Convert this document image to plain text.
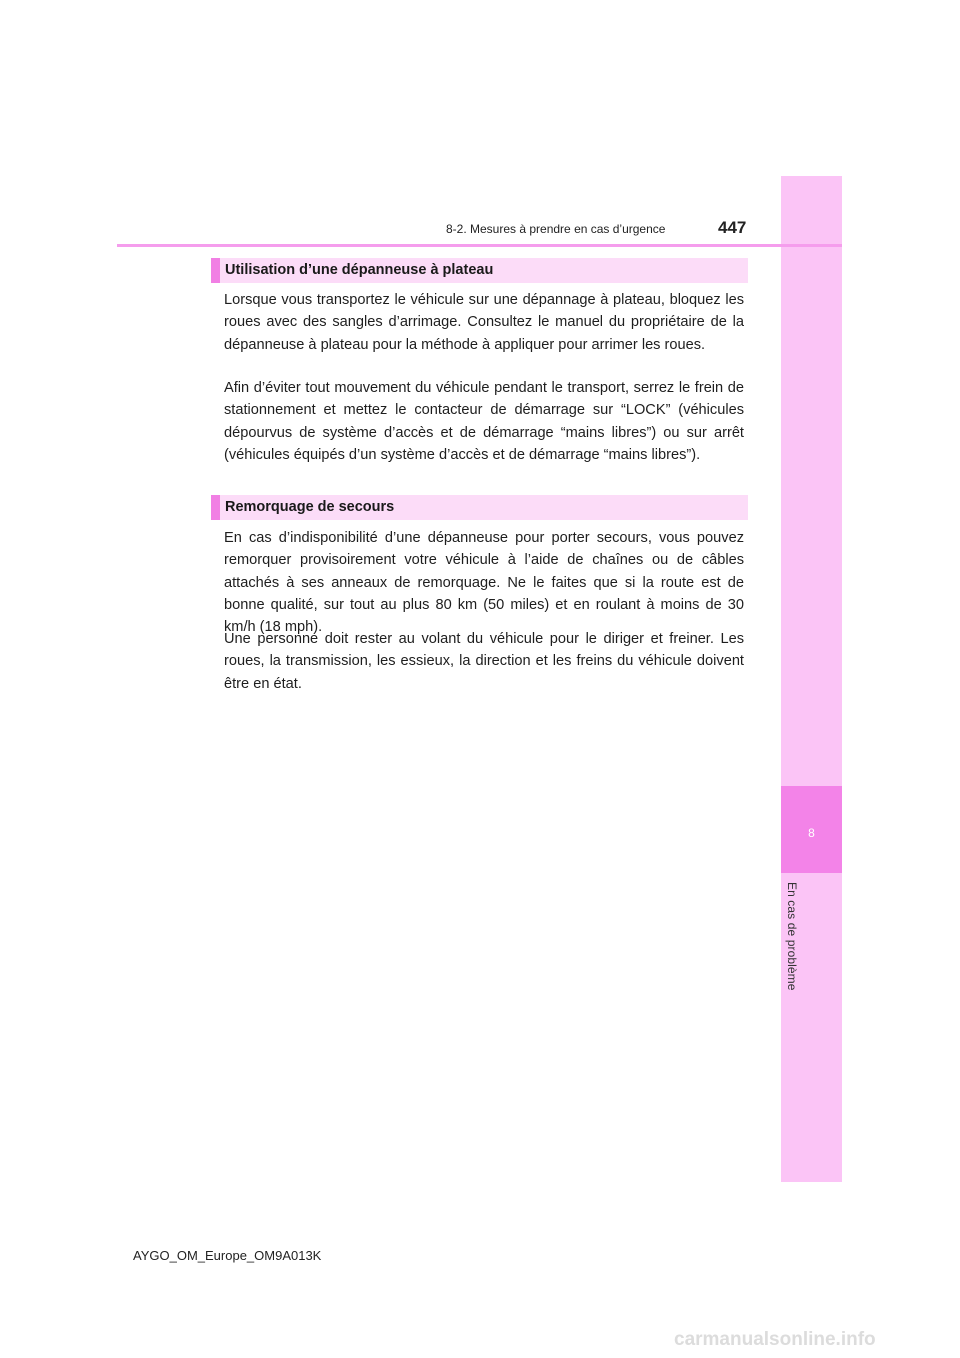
8
En cas de problème
8-2. Mesures à prendre en cas d’urgence	447
Utilisation d’une dépanneuse à plateau

Lorsque vous transportez le véhicule sur une dépannage à plateau, bloquez les roues avec des sangles d’arrimage. Consultez le manuel du propriétaire de la dépanneuse à plateau pour la méthode à appliquer pour arrimer les roues.

Afin d’éviter tout mouvement du véhicule pendant le transport, serrez le frein de stationnement et mettez le contacteur de démarrage sur “LOCK” (véhicules dépourvus de système d’accès et de démarrage “mains libres”) ou sur arrêt (véhicules équipés d’un système d’accès et de démarrage “mains libres”).

Remorquage de secours

En cas d’indisponibilité d’une dépanneuse pour porter secours, vous pouvez remorquer provisoirement votre véhicule à l’aide de chaînes ou de câbles attachés à ses anneaux de remorquage. Ne le faites que si la route est de bonne qualité, sur tout au plus 80 km (50 miles) et en roulant à moins de 30 km/h (18 mph).

Une personne doit rester au volant du véhicule pour le diriger et freiner. Les roues, la transmission, les essieux, la direction et les freins du véhicule doivent être en état.

AYGO_OM_Europe_OM9A013K
carmanualsonline.info
